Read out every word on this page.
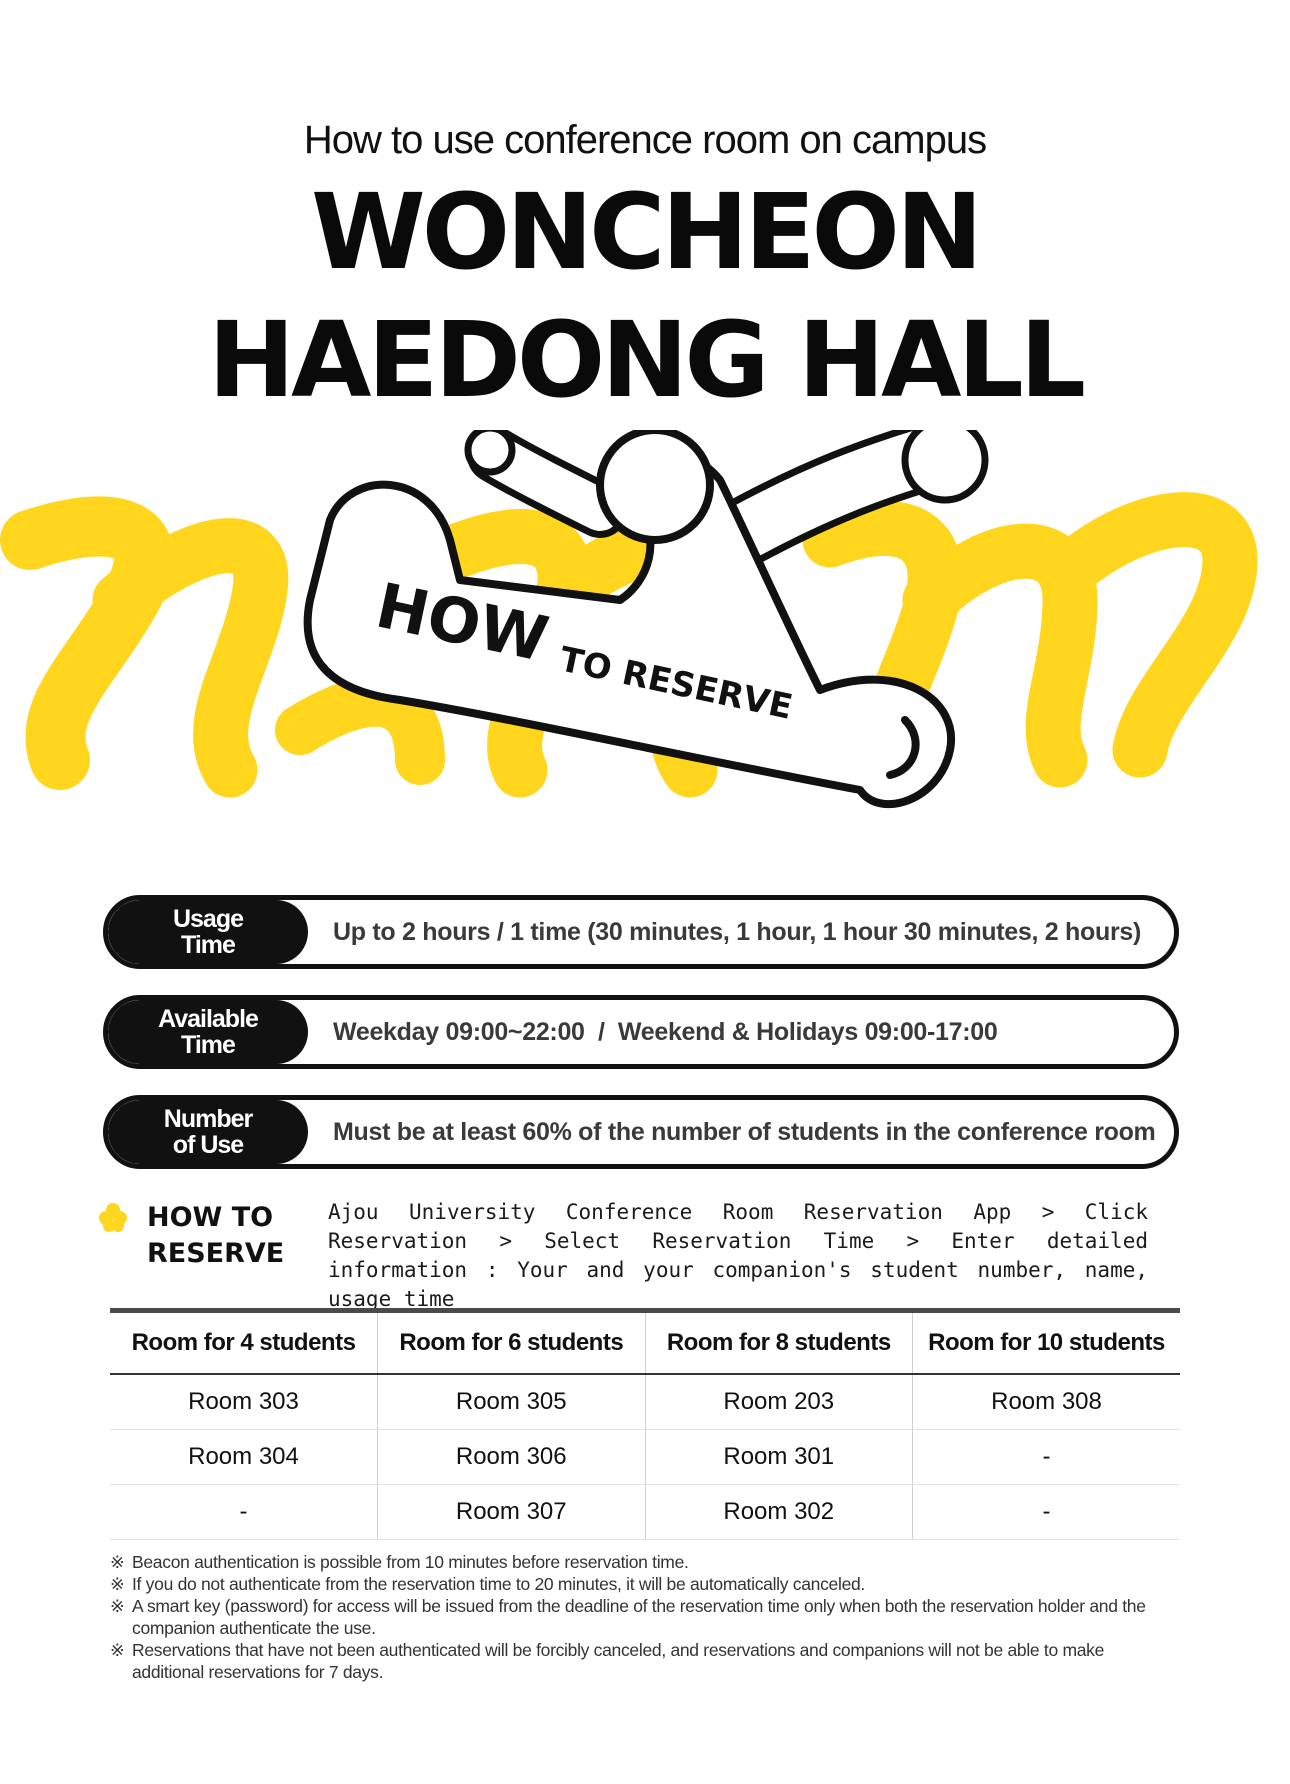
How to use conference room on campus
WONCHEON
HAEDONG HALL
HOW
TO RESERVE
Usage
Time	Up to 2 hours / 1 time (30 minutes, 1 hour, 1 hour 30 minutes, 2 hours)
Available
Time	Weekday 09:00~22:00  /  Weekend & Holidays 09:00-17:00
Number
of Use	Must be at least 60% of the number of students in the conference room
HOW TO
RESERVE
Ajou University Conference Room Reservation App > Click Reservation > Select Reservation Time > Enter detailed information : Your and your companion's student number, name, usage time
Room for 4 students	Room for 6 students	Room for 8 students	Room for 10 students
Room 303	Room 305	Room 203	Room 308
Room 304	Room 306	Room 301	-
-	Room 307	Room 302	-
※ Beacon authentication is possible from 10 minutes before reservation time.
※ If you do not authenticate from the reservation time to 20 minutes, it will be automatically canceled.
※ A smart key (password) for access will be issued from the deadline of the reservation time only when both the reservation holder and the companion authenticate the use.
※ Reservations that have not been authenticated will be forcibly canceled, and reservations and companions will not be able to make additional reservations for 7 days.
